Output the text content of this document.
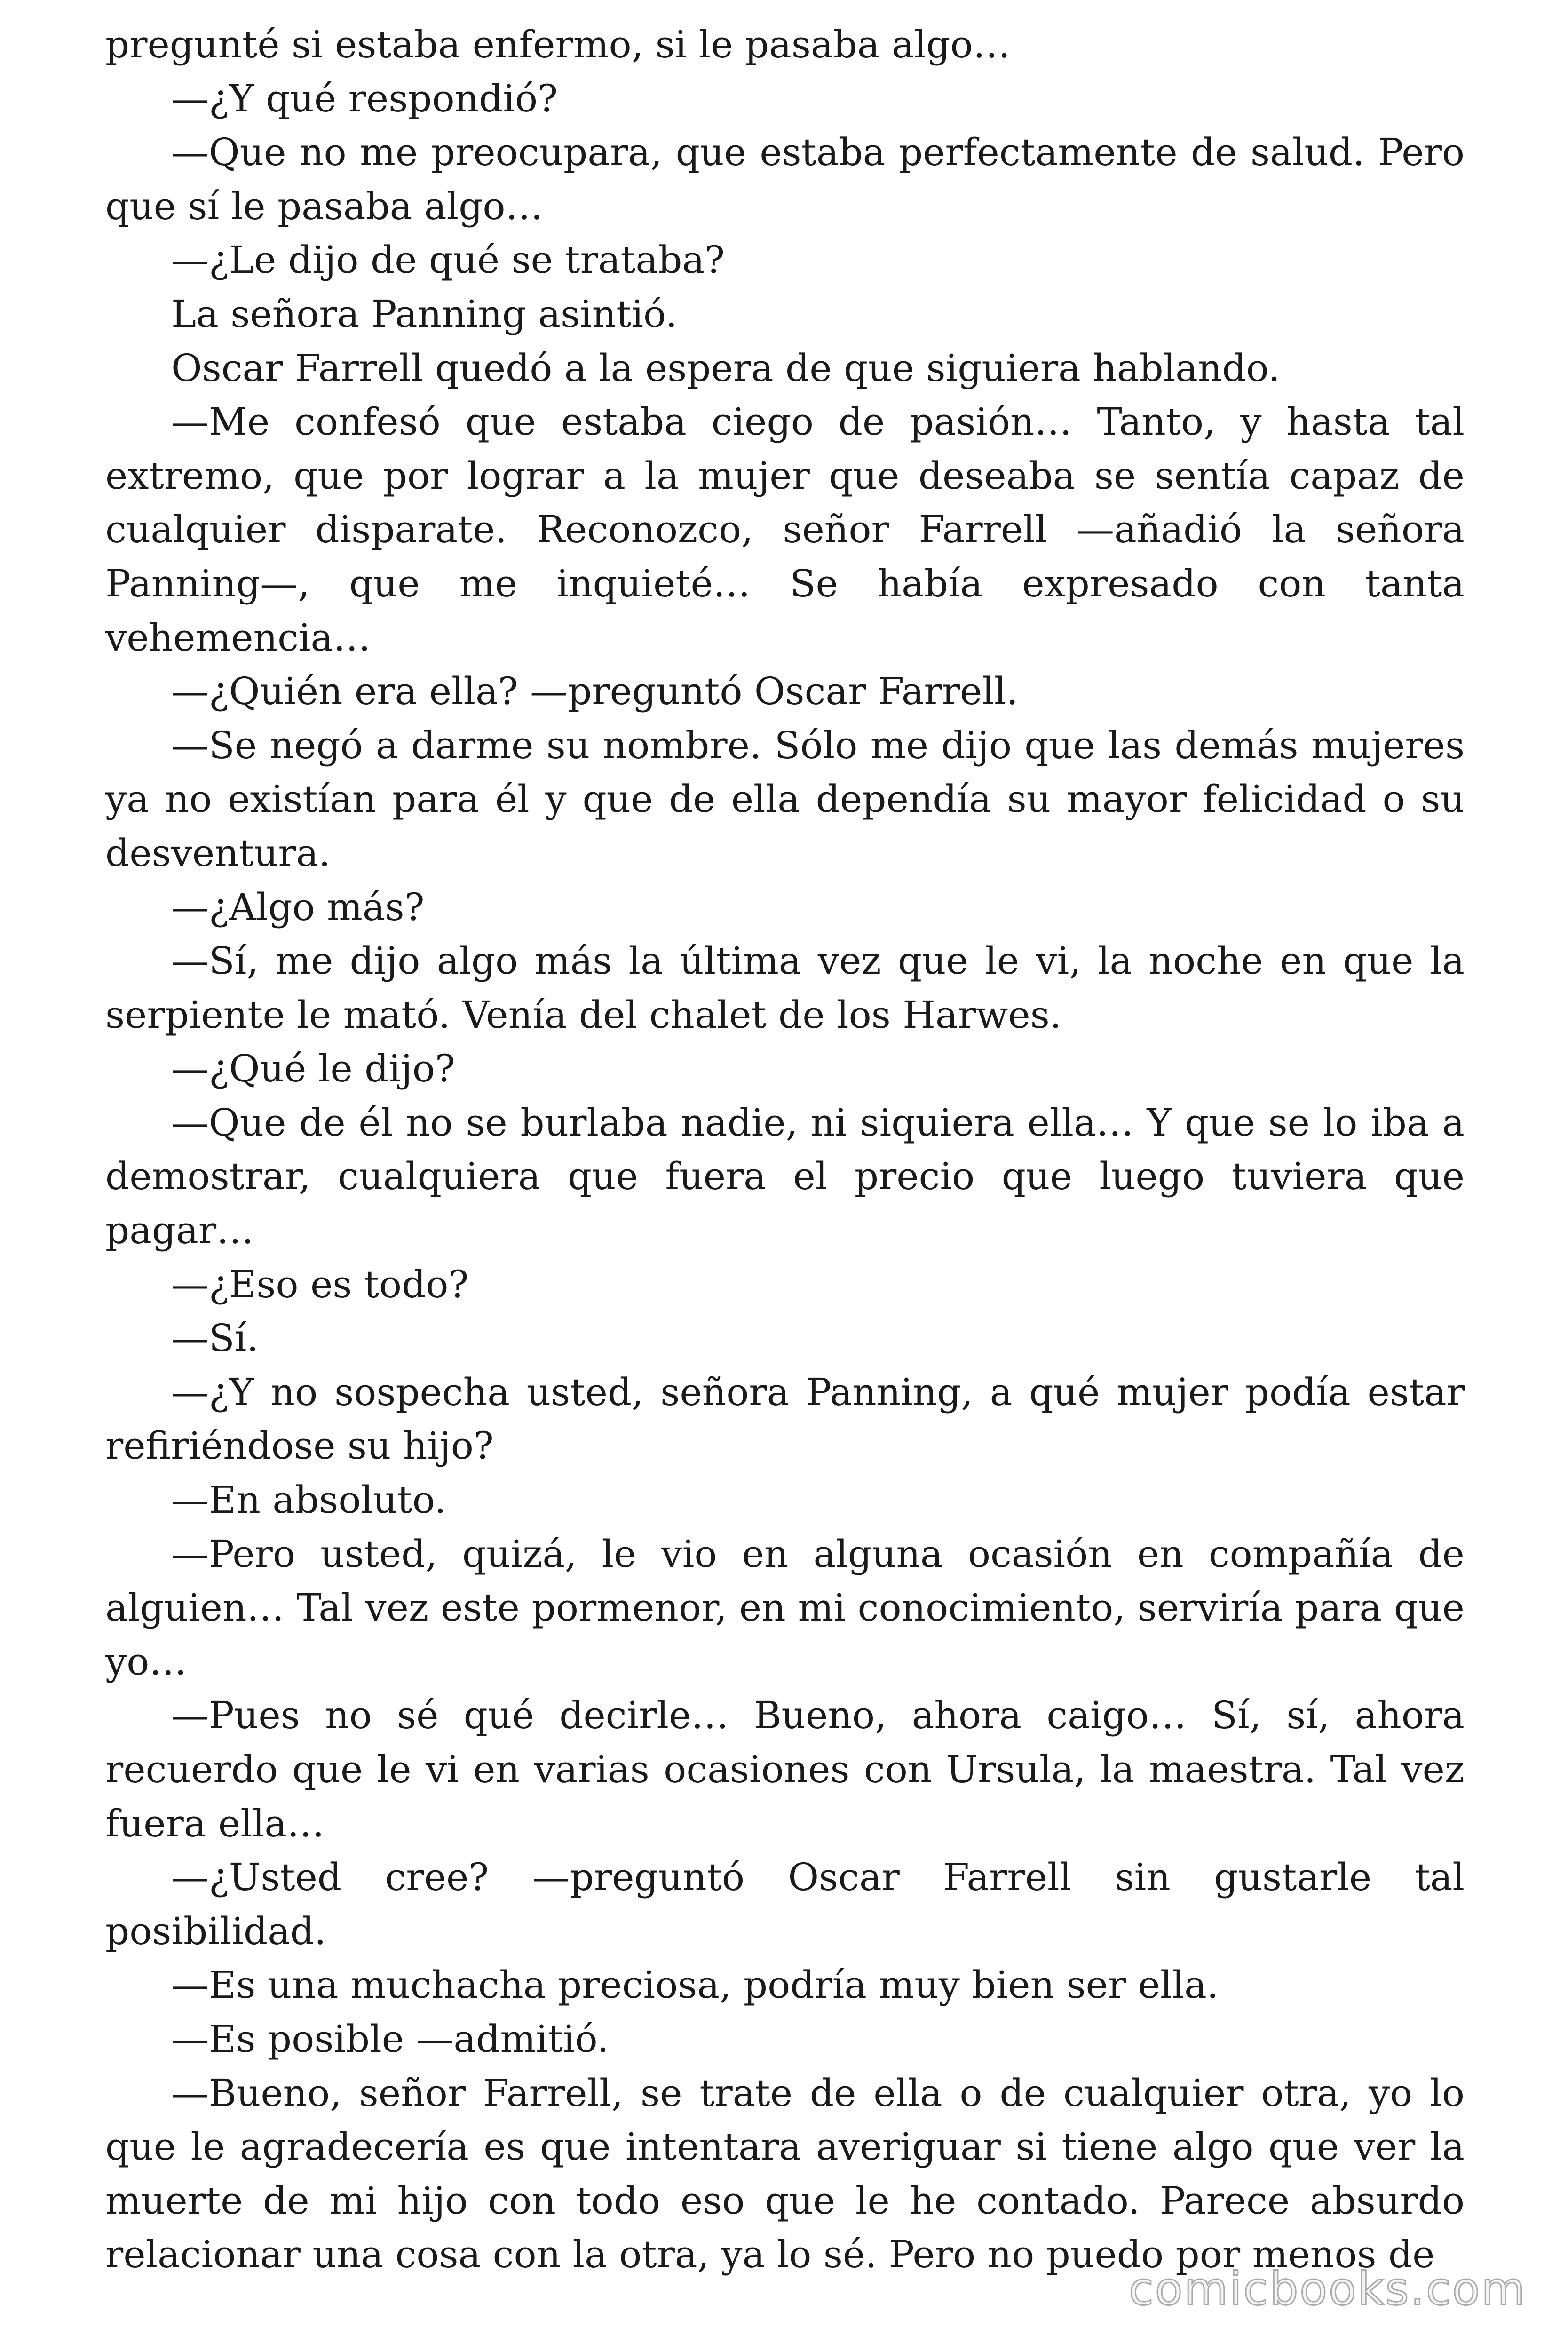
pregunté si estaba enfermo, si le pasaba algo…

—¿Y qué respondió?

—Que no me preocupara, que estaba perfectamente de salud. Pero que sí le pasaba algo…

—¿Le dijo de qué se trataba?

La señora Panning asintió.

Oscar Farrell quedó a la espera de que siguiera hablando.

—Me confesó que estaba ciego de pasión… Tanto, y hasta tal extremo, que por lograr a la mujer que deseaba se sentía capaz de cualquier disparate. Reconozco, señor Farrell —añadió la señora Panning—, que me inquieté… Se había expresado con tanta vehemencia…

—¿Quién era ella? —preguntó Oscar Farrell.

—Se negó a darme su nombre. Sólo me dijo que las demás mujeres ya no existían para él y que de ella dependía su mayor felicidad o su desventura.

—¿Algo más?

—Sí, me dijo algo más la última vez que le vi, la noche en que la serpiente le mató. Venía del chalet de los Harwes.

—¿Qué le dijo?

—Que de él no se burlaba nadie, ni siquiera ella… Y que se lo iba a demostrar, cualquiera que fuera el precio que luego tuviera que pagar…

—¿Eso es todo?

—Sí.

—¿Y no sospecha usted, señora Panning, a qué mujer podía estar refiriéndose su hijo?

—En absoluto.

—Pero usted, quizá, le vio en alguna ocasión en compañía de alguien… Tal vez este pormenor, en mi conocimiento, serviría para que yo…

—Pues no sé qué decirle… Bueno, ahora caigo… Sí, sí, ahora recuerdo que le vi en varias ocasiones con Ursula, la maestra. Tal vez fuera ella…

—¿Usted cree? —preguntó Oscar Farrell sin gustarle tal posibilidad.

—Es una muchacha preciosa, podría muy bien ser ella.

—Es posible —admitió.

—Bueno, señor Farrell, se trate de ella o de cualquier otra, yo lo que le agradecería es que intentara averiguar si tiene algo que ver la muerte de mi hijo con todo eso que le he contado. Parece absurdo relacionar una cosa con la otra, ya lo sé. Pero no puedo por menos de

comicbooks.com
